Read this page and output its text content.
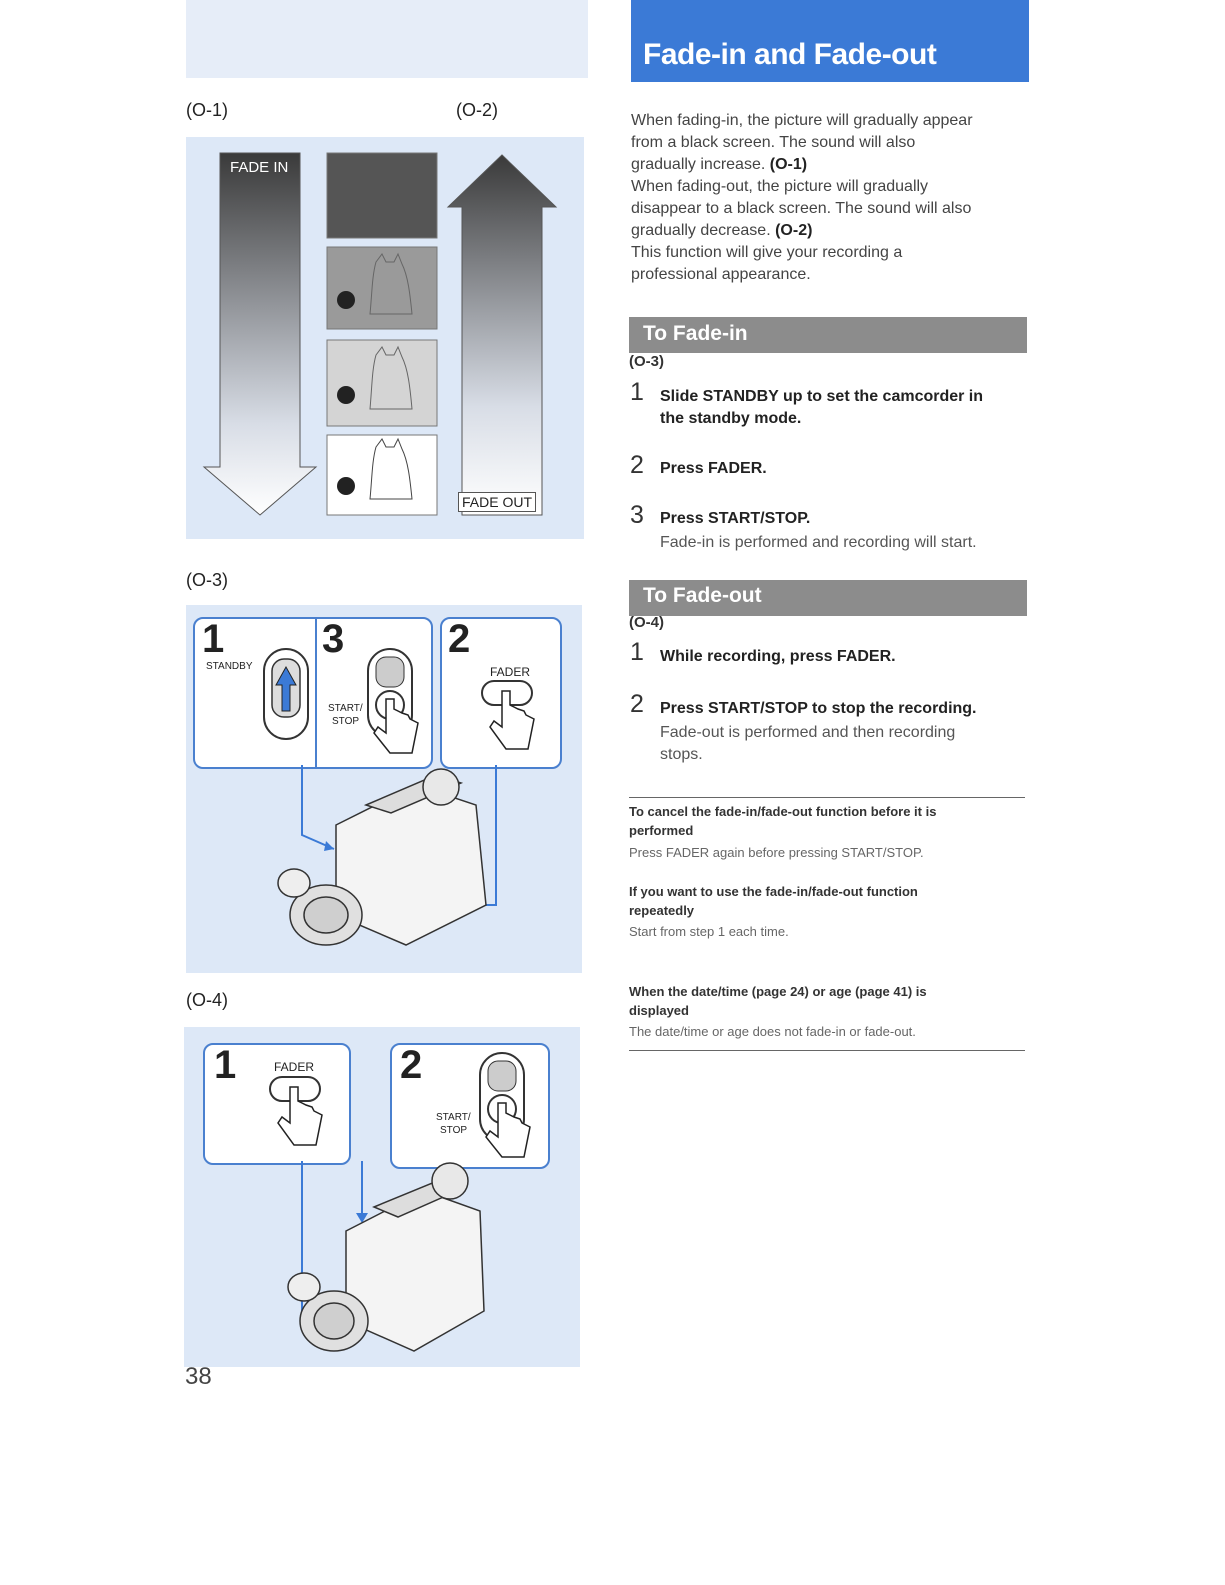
(O-1)	(O-2)
FADE IN
FADE OUT
(O-3)
1
STANDBY
3
START/
STOP
2
FADER
(O-4)
1	FADER 2
START/
STOP
38
Fade-in and Fade-out
When fading-in, the picture will gradually appear
from a black screen. The sound will also
gradually increase. (O-1)
When fading-out, the picture will gradually
disappear to a black screen. The sound will also
gradually decrease. (O-2)
This function will give your recording a
professional appearance.
To Fade-in
(O-3)
1 Slide STANDBY up to set the camcorder in
the standby mode.
2 Press FADER.
3 Press START/STOP.
Fade-in is performed and recording will start.
To Fade-out
(O-4)
1 While recording, press FADER.
2 Press START/STOP to stop the recording.
Fade-out is performed and then recording
stops.
To cancel the fade-in/fade-out function before it is
performed
Press FADER again before pressing START/STOP.
If you want to use the fade-in/fade-out function
repeatedly
Start from step 1 each time.
When the date/time (page 24) or age (page 41) is
displayed
The date/time or age does not fade-in or fade-out.
